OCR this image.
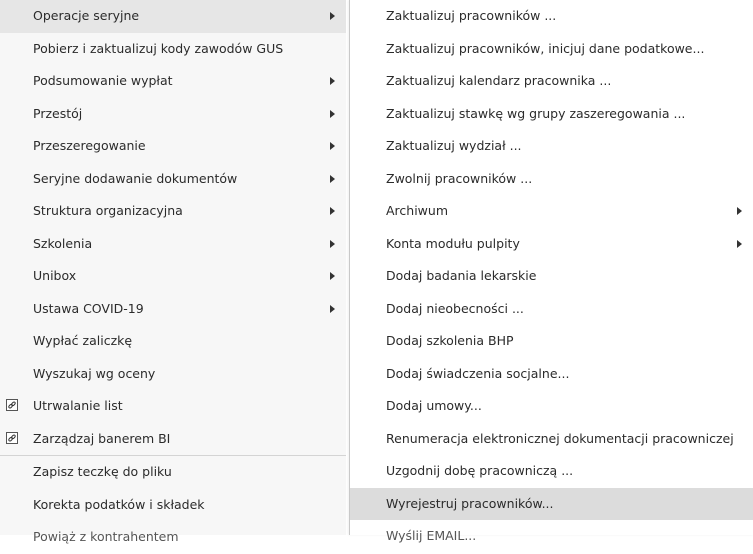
Operacje seryjne
Pobierz i zaktualizuj kody zawodów GUS
Podsumowanie wypłat
Przestój
Przeszeregowanie
Seryjne dodawanie dokumentów
Struktura organizacyjna
Szkolenia
Unibox
Ustawa COVID-19
Wypłać zaliczkę
Wyszukaj wg oceny
Utrwalanie list
Zarządzaj banerem BI
Zapisz teczkę do pliku
Korekta podatków i składek
Powiąż z kontrahentem
Zaktualizuj pracowników ...
Zaktualizuj pracowników, inicjuj dane podatkowe...
Zaktualizuj kalendarz pracownika ...
Zaktualizuj stawkę wg grupy zaszeregowania ...
Zaktualizuj wydział ...
Zwolnij pracowników ...
Archiwum
Konta modułu pulpity
Dodaj badania lekarskie
Dodaj nieobecności ...
Dodaj szkolenia BHP
Dodaj świadczenia socjalne...
Dodaj umowy...
Renumeracja elektronicznej dokumentacji pracowniczej
Uzgodnij dobę pracowniczą ...
Wyrejestruj pracowników...
Wyślij EMAIL...
